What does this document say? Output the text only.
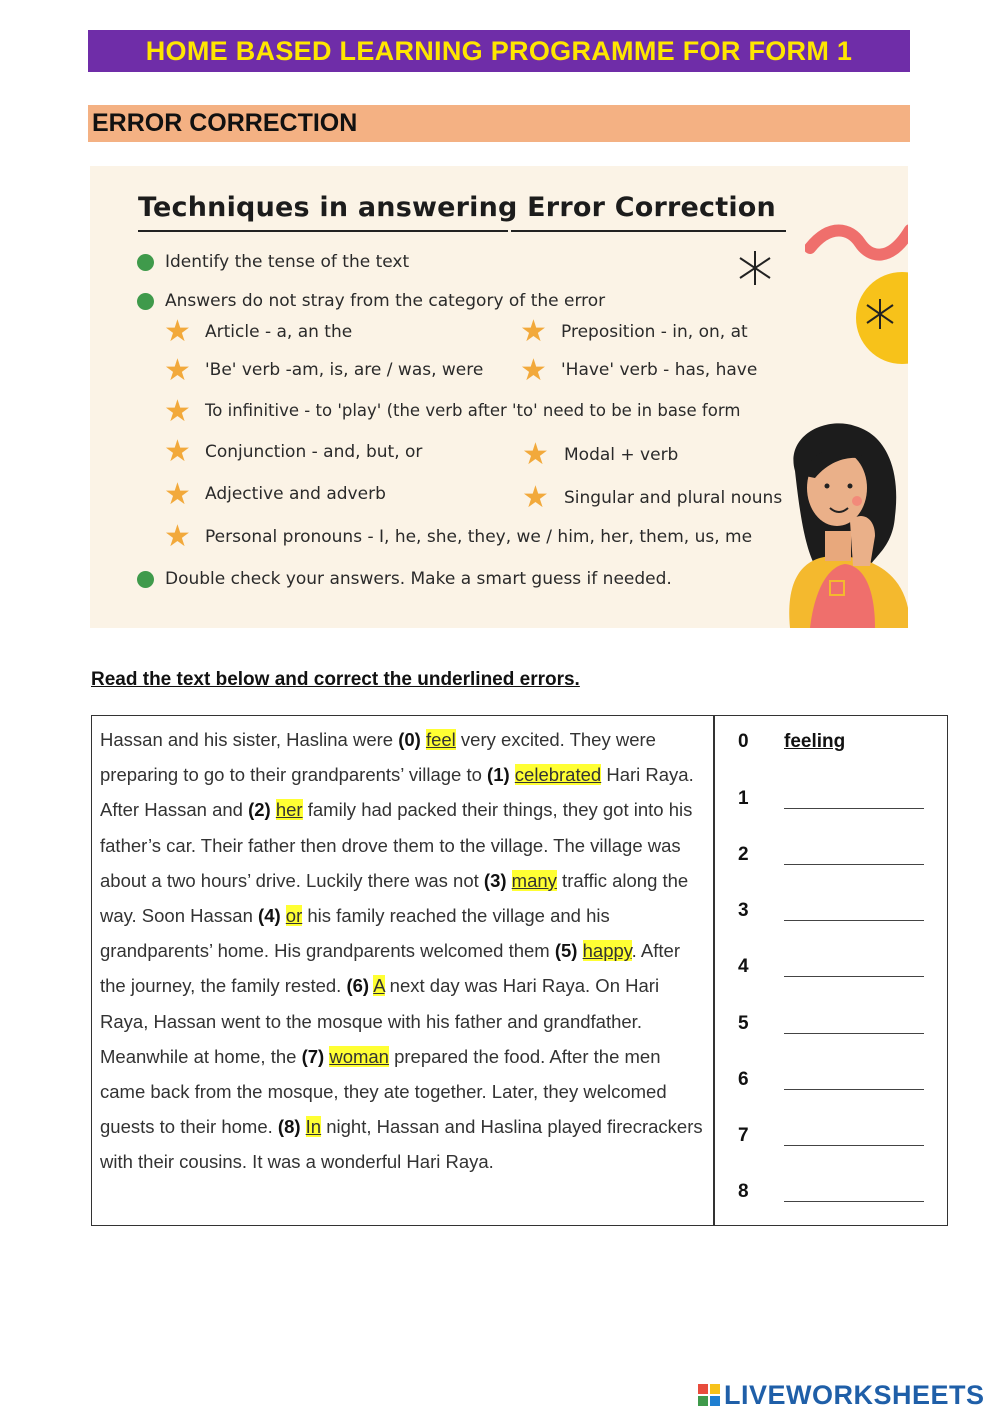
HOME BASED LEARNING PROGRAMME FOR FORM 1
ERROR CORRECTION
Techniques in answering Error Correction
Identify the tense of the text
Answers do not stray from the category of the error
★ Article - a, an the	★ Preposition - in, on, at
★ 'Be' verb -am, is, are / was, were ★ 'Have' verb - has, have
★ To infinitive - to 'play' (the verb after 'to' need to be in base form
★ Conjunction - and, but, or	★ Modal + verb
★ Adjective and adverb	★ Singular and plural nouns
★ Personal pronouns - I, he, she, they, we / him, her, them, us, me
Double check your answers. Make a smart guess if needed.
Read the text below and correct the underlined errors.
Hassan and his sister, Haslina were (0) feel very excited. They were preparing to go to their grandparents’ village to (1) celebrated Hari Raya. After Hassan and (2) her family had packed their things, they got into his father’s car. Their father then drove them to the village. The village was about a two hours’ drive. Luckily there was not (3) many traffic along the way. Soon Hassan (4) or his family reached the village and his grandparents’ home. His grandparents welcomed them (5) happy. After the journey, the family rested. (6) A next day was Hari Raya. On Hari Raya, Hassan went to the mosque with his father and grandfather. Meanwhile at home, the (7) woman prepared the food. After the men came back from the mosque, they ate together. Later, they welcomed guests to their home. (8) In night, Hassan and Haslina played firecrackers with their cousins. It was a wonderful Hari Raya.
0 feeling
1
2
3
4
5
6
7
8
LIVEWORKSHEETS
